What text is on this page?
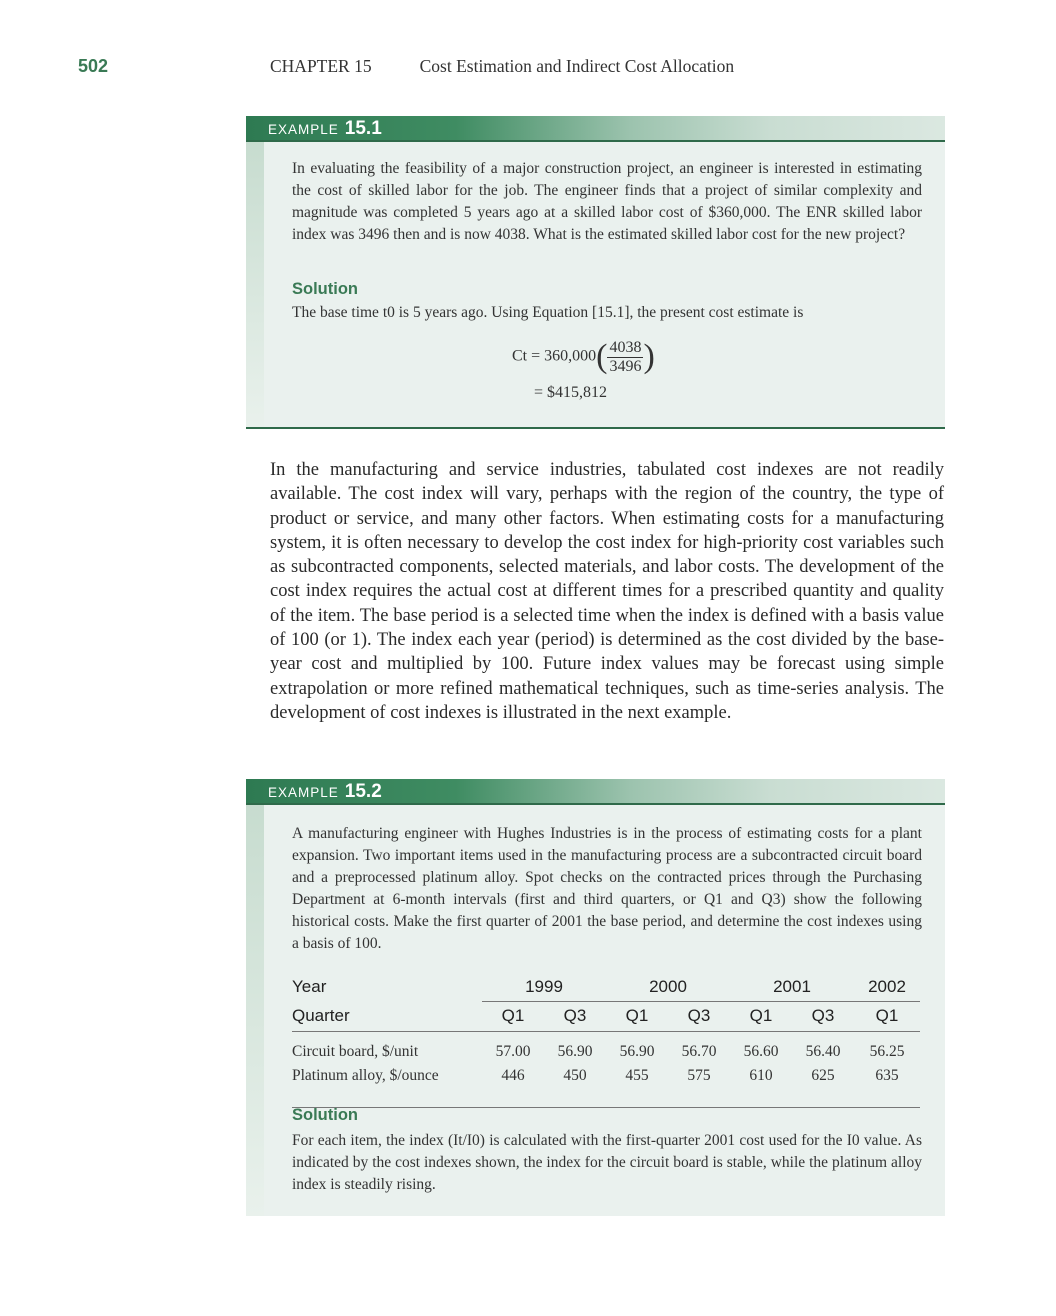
502	CHAPTER 15	Cost Estimation and Indirect Cost Allocation
EXAMPLE 15.1
In evaluating the feasibility of a major construction project, an engineer is interested in estimating the cost of skilled labor for the job. The engineer finds that a project of similar complexity and magnitude was completed 5 years ago at a skilled labor cost of $360,000. The ENR skilled labor index was 3496 then and is now 4038. What is the estimated skilled labor cost for the new project?
Solution
The base time t0 is 5 years ago. Using Equation [15.1], the present cost estimate is
$Ct = 360,000( \frac{4038}{3496}$ )
= $415,812
In the manufacturing and service industries, tabulated cost indexes are not readily available. The cost index will vary, perhaps with the region of the country, the type of product or service, and many other factors. When estimating costs for a manufacturing system, it is often necessary to develop the cost index for high-priority cost variables such as subcontracted components, selected materials, and labor costs. The development of the cost index requires the actual cost at different times for a prescribed quantity and quality of the item. The base period is a selected time when the index is defined with a basis value of 100 (or 1). The index each year (period) is determined as the cost divided by the base-year cost and multiplied by 100. Future index values may be forecast using simple extrapolation or more refined mathematical techniques, such as time-series analysis. The development of cost indexes is illustrated in the next example.
EXAMPLE 15.2
A manufacturing engineer with Hughes Industries is in the process of estimating costs for a plant expansion. Two important items used in the manufacturing process are a subcontracted circuit board and a preprocessed platinum alloy. Spot checks on the contracted prices through the Purchasing Department at 6-month intervals (first and third quarters, or Q1 and Q3) show the following historical costs. Make the first quarter of 2001 the base period, and determine the cost indexes using a basis of 100.
Year	1999		2000		2001		2002
Quarter	Q1	Q3	Q1	Q3	Q1	Q3	Q1

Circuit board, $/unit	57.00	56.90	56.90	56.70	56.60	56.40	56.25
Platinum alloy, $/ounce	446	450	455	575	610	625	635

Solution
For each item, the index (It/I0) is calculated with the first-quarter 2001 cost used for the I0 value. As indicated by the cost indexes shown, the index for the circuit board is stable, while the platinum alloy index is steadily rising.
